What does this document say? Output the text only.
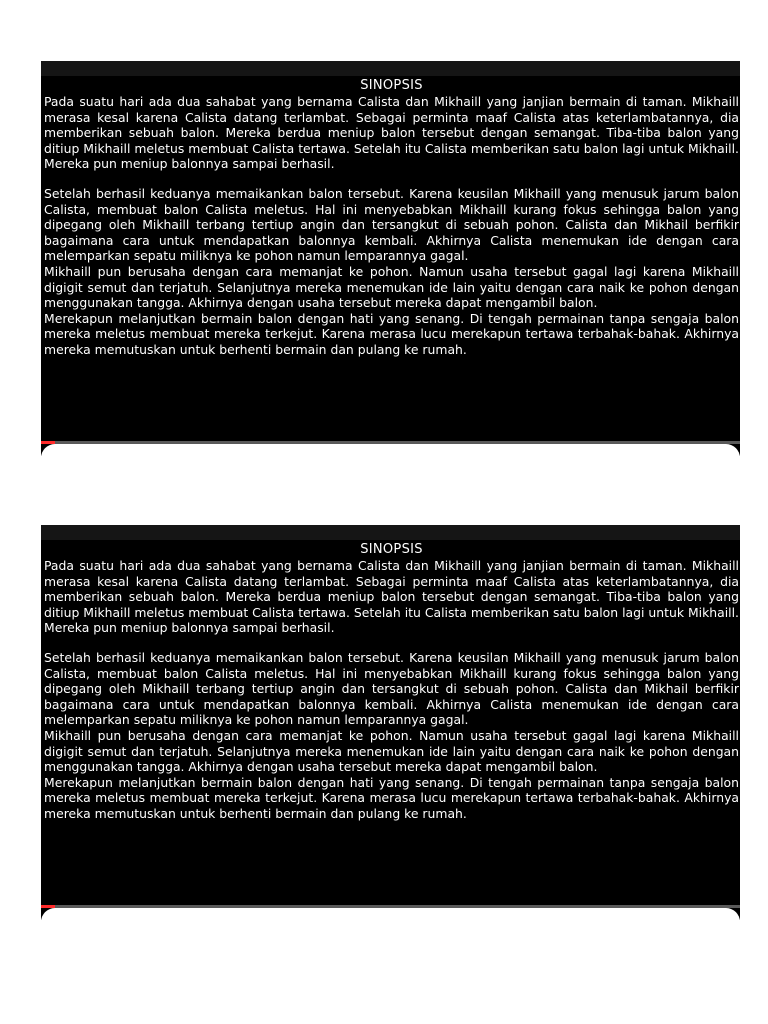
SINOPSIS

Pada suatu hari ada dua sahabat yang bernama Calista dan Mikhaill yang janjian bermain di taman. Mikhaill merasa kesal karena Calista datang terlambat. Sebagai perminta maaf Calista atas keterlambatannya, dia memberikan sebuah balon. Mereka berdua meniup balon tersebut dengan semangat. Tiba-tiba balon yang ditiup Mikhaill meletus membuat Calista tertawa. Setelah itu Calista memberikan satu balon lagi untuk Mikhaill. Mereka pun meniup balonnya sampai berhasil.

Setelah berhasil keduanya memaikankan balon tersebut. Karena keusilan Mikhaill yang menusuk jarum balon Calista, membuat balon Calista meletus. Hal ini menyebabkan Mikhaill kurang fokus sehingga balon yang dipegang oleh Mikhaill terbang tertiup angin dan tersangkut di sebuah pohon. Calista dan Mikhail berfikir bagaimana cara untuk mendapatkan balonnya kembali. Akhirnya Calista menemukan ide dengan cara melemparkan sepatu miliknya ke pohon namun lemparannya gagal.

Mikhaill pun berusaha dengan cara memanjat ke pohon. Namun usaha tersebut gagal lagi karena Mikhaill digigit semut dan terjatuh. Selanjutnya mereka menemukan ide lain yaitu dengan cara naik ke pohon dengan menggunakan tangga. Akhirnya dengan usaha tersebut mereka dapat mengambil balon.

Merekapun melanjutkan bermain balon dengan hati yang senang. Di tengah permainan tanpa sengaja balon mereka meletus membuat mereka terkejut. Karena merasa lucu merekapun tertawa terbahak-bahak. Akhirnya mereka memutuskan untuk berhenti bermain dan pulang ke rumah.

SINOPSIS

Pada suatu hari ada dua sahabat yang bernama Calista dan Mikhaill yang janjian bermain di taman. Mikhaill merasa kesal karena Calista datang terlambat. Sebagai perminta maaf Calista atas keterlambatannya, dia memberikan sebuah balon. Mereka berdua meniup balon tersebut dengan semangat. Tiba-tiba balon yang ditiup Mikhaill meletus membuat Calista tertawa. Setelah itu Calista memberikan satu balon lagi untuk Mikhaill. Mereka pun meniup balonnya sampai berhasil.

Setelah berhasil keduanya memaikankan balon tersebut. Karena keusilan Mikhaill yang menusuk jarum balon Calista, membuat balon Calista meletus. Hal ini menyebabkan Mikhaill kurang fokus sehingga balon yang dipegang oleh Mikhaill terbang tertiup angin dan tersangkut di sebuah pohon. Calista dan Mikhail berfikir bagaimana cara untuk mendapatkan balonnya kembali. Akhirnya Calista menemukan ide dengan cara melemparkan sepatu miliknya ke pohon namun lemparannya gagal.

Mikhaill pun berusaha dengan cara memanjat ke pohon. Namun usaha tersebut gagal lagi karena Mikhaill digigit semut dan terjatuh. Selanjutnya mereka menemukan ide lain yaitu dengan cara naik ke pohon dengan menggunakan tangga. Akhirnya dengan usaha tersebut mereka dapat mengambil balon.

Merekapun melanjutkan bermain balon dengan hati yang senang. Di tengah permainan tanpa sengaja balon mereka meletus membuat mereka terkejut. Karena merasa lucu merekapun tertawa terbahak-bahak. Akhirnya mereka memutuskan untuk berhenti bermain dan pulang ke rumah.
